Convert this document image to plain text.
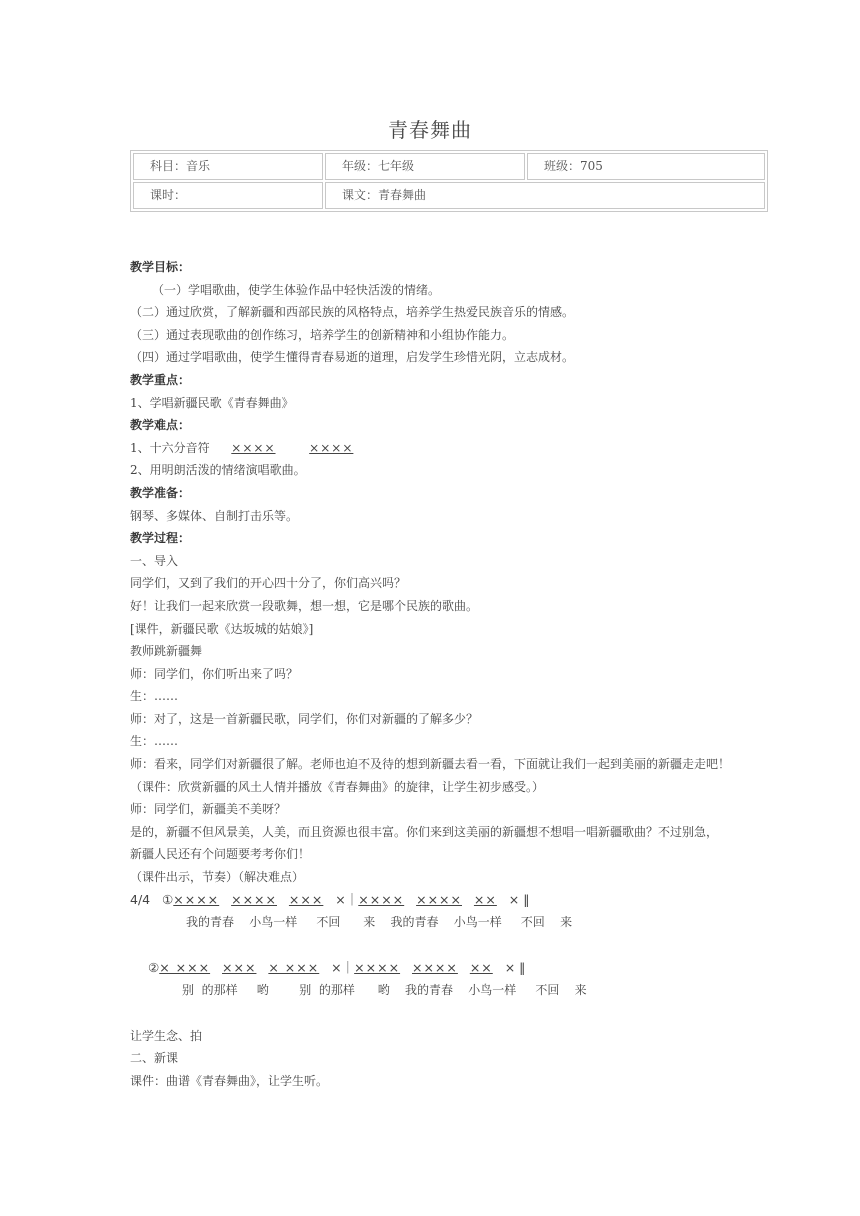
青春舞曲
科目：音乐	年级：七年级	班级：705
课时：	课文：青春舞曲
教学目标：
（一）学唱歌曲，使学生体验作品中轻快活泼的情绪。
（二）通过欣赏，了解新疆和西部民族的风格特点，培养学生热爱民族音乐的情感。
（三）通过表现歌曲的创作练习，培养学生的创新精神和小组协作能力。
（四）通过学唱歌曲，使学生懂得青春易逝的道理，启发学生珍惜光阴，立志成材。
教学重点：
1、学唱新疆民歌《青春舞曲》
教学难点：
1、十六分音符 ××××	××××
2、用明朗活泼的情绪演唱歌曲。
教学准备：
钢琴、多媒体、自制打击乐等。
教学过程：
一、导入
同学们，又到了我们的开心四十分了，你们高兴吗？
好！让我们一起来欣赏一段歌舞，想一想，它是哪个民族的歌曲。
[课件，新疆民歌《达坂城的姑娘》]
教师跳新疆舞
师：同学们，你们听出来了吗？
生：……
师：对了，这是一首新疆民歌，同学们，你们对新疆的了解多少？
生：……
师：看来，同学们对新疆很了解。老师也迫不及待的想到新疆去看一看，下面就让我们一起到美丽的新疆走走吧！
（课件：欣赏新疆的风土人情并播放《青春舞曲》的旋律，让学生初步感受。）
师：同学们，新疆美不美呀？
是的，新疆不但风景美，人美，而且资源也很丰富。你们来到这美丽的新疆想不想唱一唱新疆歌曲？不过别急，
新疆人民还有个问题要考考你们！
（课件出示，节奏）（解决难点）
4/4 ①×××× ×××× ××× ×｜×××× ×××× ×× × ‖
我的青春    小鸟一样     不回      来    我的青春    小鸟一样     不回    来
②× ××× ××× × ××× ×｜×××× ×××× ×× × ‖
别  的那样     哟        别  的那样      哟    我的青春    小鸟一样     不回    来
让学生念、拍
二、新课
课件：曲谱《青春舞曲》，让学生听。
